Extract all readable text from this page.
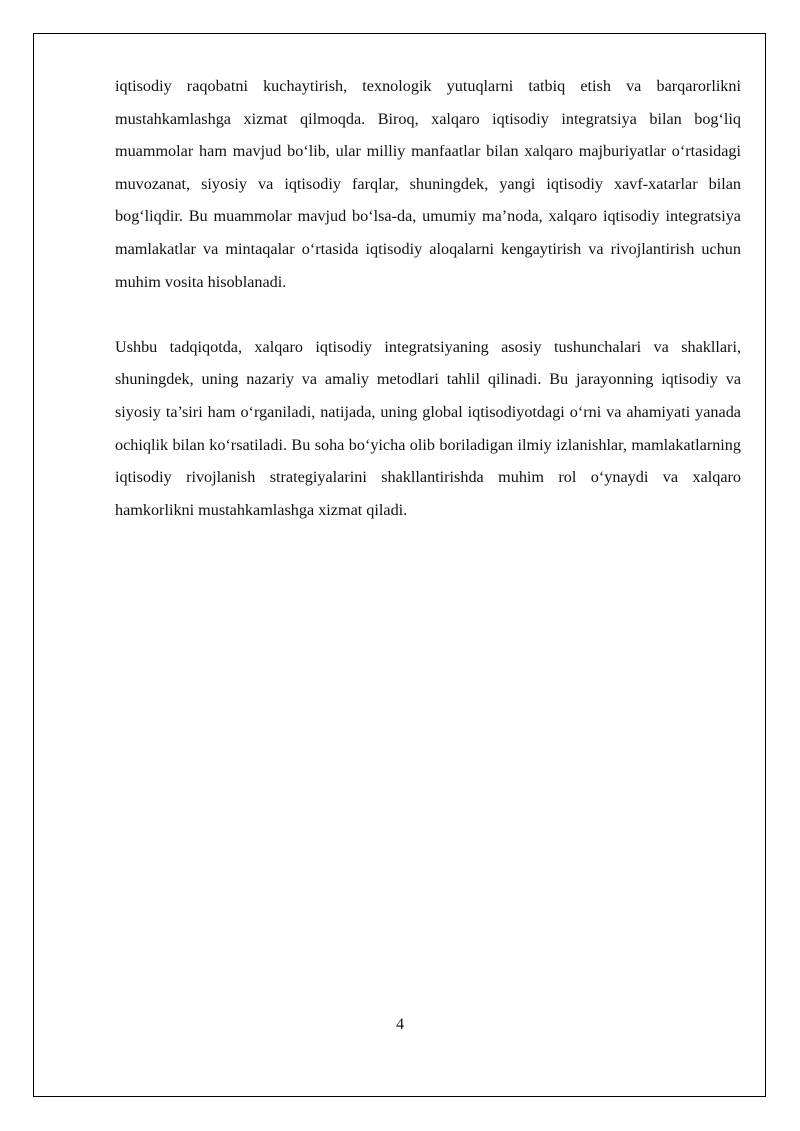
iqtisodiy raqobatni kuchaytirish, texnologik yutuqlarni tatbiq etish va barqarorlikni mustahkamlashga xizmat qilmoqda. Biroq, xalqaro iqtisodiy integratsiya bilan bog‘liq muammolar ham mavjud bo‘lib, ular milliy manfaatlar bilan xalqaro majburiyatlar o‘rtasidagi muvozanat, siyosiy va iqtisodiy farqlar, shuningdek, yangi iqtisodiy xavf-xatarlar bilan bog‘liqdir. Bu muammolar mavjud bo‘lsa-da, umumiy ma’noda, xalqaro iqtisodiy integratsiya mamlakatlar va mintaqalar o‘rtasida iqtisodiy aloqalarni kengaytirish va rivojlantirish uchun muhim vosita hisoblanadi.

Ushbu tadqiqotda, xalqaro iqtisodiy integratsiyaning asosiy tushunchalari va shakllari, shuningdek, uning nazariy va amaliy metodlari tahlil qilinadi. Bu jarayonning iqtisodiy va siyosiy ta’siri ham o‘rganiladi, natijada, uning global iqtisodiyotdagi o‘rni va ahamiyati yanada ochiqlik bilan ko‘rsatiladi. Bu soha bo‘yicha olib boriladigan ilmiy izlanishlar, mamlakatlarning iqtisodiy rivojlanish strategiyalarini shakllantirishda muhim rol o‘ynaydi va xalqaro hamkorlikni mustahkamlashga xizmat qiladi.

4
